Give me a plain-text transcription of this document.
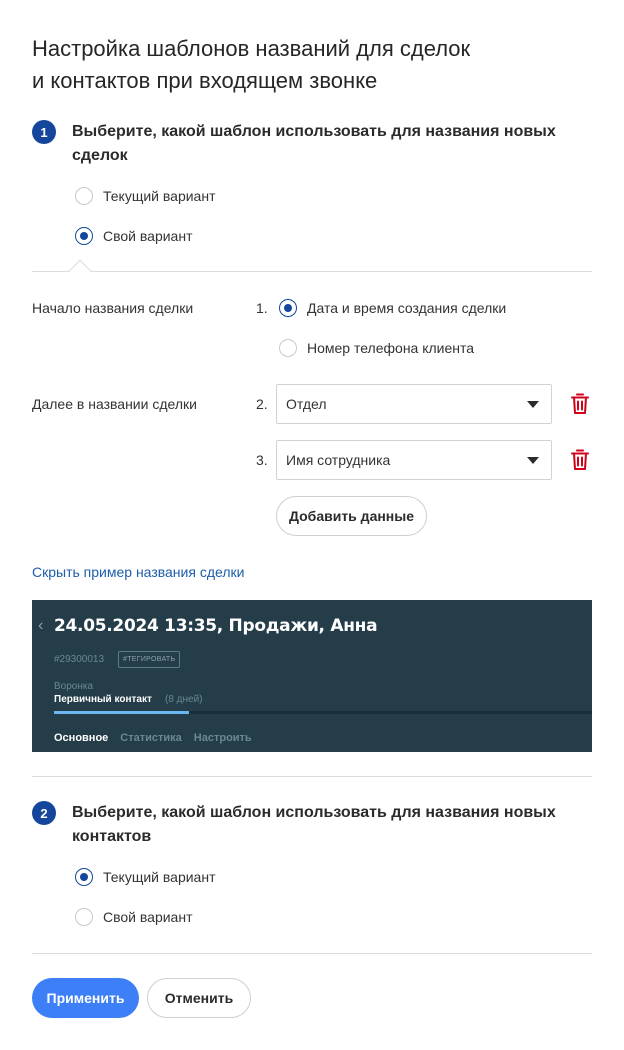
Настройка шаблонов названий для сделок
и контактов при входящем звонке
1	Выберите, какой шаблон использовать для названия новых сделок
Текущий вариант
Свой вариант
Начало названия сделки	1.	Дата и время создания сделки
Номер телефона клиента
Далее в названии сделки	2. Отдел
3. Имя сотрудника
Добавить данные
Скрыть пример названия сделки
‹ 24.05.2024 13:35, Продажи, Анна
#29300013	#ТЕГИРОВАТЬ
Воронка
Первичный контакт (8 дней)
Основное Статистика Настроить
2	Выберите, какой шаблон использовать для названия новых контактов
Текущий вариант
Свой вариант
Применить	Отменить
